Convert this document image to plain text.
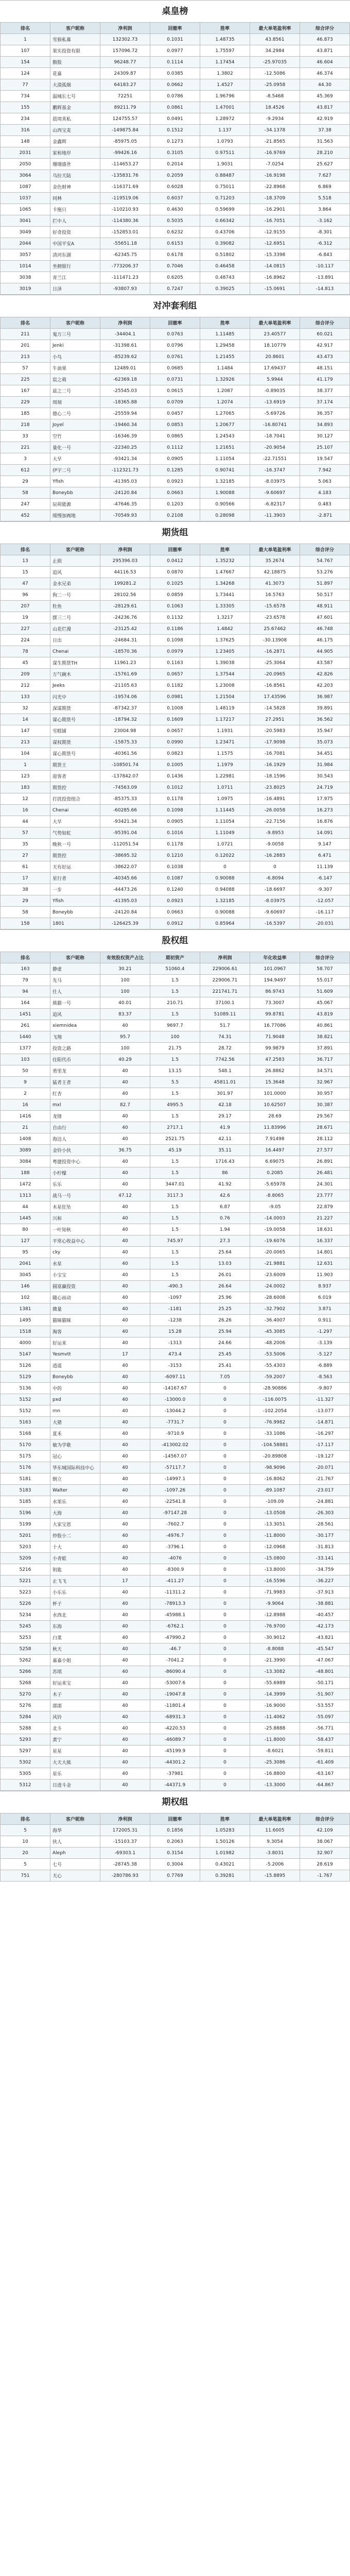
桌皇榜
排名	客户昵称	净利润	回撤率	胜率	最大单笔盈利率	综合评分
1	雪狼私募	132302.73	0.1031	1.48735	43.8561	46.873
107	果实投资有限	157096.72	0.0977	1.75597	34.2984	43.871
154	傲股	96248.77	0.1114	1.17454	-25.97035	46.604
124	花嘉	24309.87	0.0385	1.3802	-12.5086	46.374
77	大漠孤烟	64183.27	0.0662	1.4527	-25.0958	44.30
734	温城长七号	72251	0.0786	1.96796	-8.5468	45.369
155	鹏辉基金	89211.79	0.0861	1.47001	18.4526	43.817
234	晨周英私	124755.57	0.0491	1.28972	-9.2934	42.919
316	山西宝麦	-149875.84	0.1512	1.137	-34.1378	37.38
148	金鑫辉	-85975.05	0.1273	1.0793	-21.8565	31.563
2031	家和地岸	-99426.16	0.3105	0.97511	-16.9769	28.210
2050	珊瑚盛世	-114653.27	0.2014	1.9031	-7.0254	25.627
3064	乌拉天陆	-135831.76	0.2059	0.88487	-16.9198	7.627
1087	金色财神	-116371.69	0.6028	0.75011	-22.8968	6.869
1037	同林	-119519.06	0.6037	0.71203	-18.3709	5.518
1065	卡拖只	-110210.93	0.4630	0.59699	-16.2901	3.864
3041	拦中人	-114380.36	0.5035	0.66342	-16.7051	-3.162
3049	好奇投资	-152853.01	0.6232	0.43706	-12.9155	-8.301
2044	中国平安A	-55651.18	0.6153	0.39082	-12.6951	-6.312
3057	清河东湖	-62345.75	0.6178	0.51802	-15.3398	-6.843
1014	坐拥银行	-773206.37	0.7046	0.46458	-14.0815	-10.117
3038	青兰江	-111471.23	0.6205	0.48743	-16.8962	-13.891
3019	日泽	-93807.93	0.7247	0.39025	-15.0691	-14.813
对冲套利组
排名	客户昵称	净利润	回撤率	胜率	最大单笔盈利率	综合评分
211	鬼万三号	-34404.1	0.0763	1.11485	23.40577	60.021
201	Jenki	-31398.61	0.0796	1.29458	18.10779	42.917
213	小鸟	-85239.62	0.0761	1.21455	20.8601	43.473
57	牛油果	12489.01	0.0685	1.1484	17.69437	48.151
225	宸之萌	-62369.18	0.0731	1.32926	5.9944	41.179
167	兹之二号	-25545.03	0.0615	1.2087	-0.89035	38.377
229	周刻	-18365.88	0.0709	1.2074	-13.6919	37.174
185	德心二号	-25559.94	0.0457	1.27065	-5.69726	36.357
218	Joyel	-19460.34	0.0853	1.20677	-16.80741	34.893
33	空竹	-16346.39	0.0865	1.24543	-18.7041	30.127
221	量化一号	-22340.25	0.1112	1.21651	-20.9054	25.107
3	大旱	-93421.34	0.0905	1.11054	-22.71551	19.547
612	伊宇二号	-112321.73	0.1285	0.90741	-16.3747	7.942
29	Yfish	-41395.03	0.0923	1.32185	-8.03975	5.063
58	Boneybb	-24120.84	0.0663	1.90088	-9.60697	4.183
247	辰荷能源	-47646.35	0.1203	0.90566	-6.82317	0.483
452	缓慢加阀地	-70549.93	0.2108	0.28098	-11.3903	-2.871
期货组
排名	客户昵称	净利润	回撤率	胜率	最大单笔盈利率	综合评分
13	止损	295396.03	0.0412	1.35232	35.2674	54.767
15	追风	44116.53	0.0870	1.47667	42.18875	53.276
47	金水兄弟	199281.2	0.1025	1.34268	41.3073	51.897
96	狗二一号	28102.56	0.0859	1.73441	16.5763	50.517
207	牡鱼	-28129.61	0.1063	1.33305	-15.6578	48.911
19	摆三二号	-24236.76	0.1132	1.3217	-23.6578	47.601
227	山花烂漫	-23125.42	0.1186	1.4842	25.67462	46.748
224	日出	-24684.31	0.1098	1.37625	-30.13908	46.175
78	Chenai	-18570.36	0.0979	1.23405	-16.2871	44.905
45	谋生期货TH	11961.23	0.1163	1.39038	-25.3064	43.587
209	万气碗木	-15761.69	0.0657	1.37544	-20.0965	42.826
212	Jeeks	-21105.63	0.1182	1.23008	-16.8561	42.203
133	闪光中	-19574.06	0.0981	1.21504	17.43596	36.987
32	深谋期货	-87342.37	0.1008	1.48119	-14.5828	39.891
14	谋心期货号	-18794.32	0.1609	1.17217	27.2951	36.562
147	雪糕铺	23004.98	0.0657	1.1931	-20.5983	35.947
213	谋权期货	-15875.33	0.0990	1.23471	-17.9098	35.073
104	谋心期货号	-40361.56	0.0823	1.1575	-16.7081	34.451
1	期货王	-108501.74	0.1005	1.1979	-16.1929	31.984
123	迎客者	-137842.07	0.1436	1.22981	-18.1596	30.543
183	期货控	-74563.09	0.1012	1.0711	-23.8025	24.719
12	打扰投资组合	-85375.33	0.1178	1.0975	-16.4891	17.975
16	Chenai	-60285.66	0.1098	1.11445	-26.0058	16.273
44	大旱	-93421.34	0.0905	1.11054	-22.7156	16.876
57	气势如虹	-95391.04	0.1016	1.11049	-9.8953	14.091
35	晚秋一号	-112051.54	0.1178	1.0721	-9.0058	9.147
27	期货控	-38695.32	0.1210	0.12022	-16.2883	6.471
61	天有好运	-38622.07	0.1038	0	0	11.139
17	星行者	-40345.66	0.1087	0.90088	-6.8094	-6.147
38	一步	-44473.26	0.1240	0.94088	-18.6697	-9.307
29	Yfish	-41395.03	0.0923	1.32185	-8.03975	-12.057
58	Boneybb	-24120.84	0.0663	0.90088	-9.60697	-16.117
158	1801	-126425.39	0.0912	0.85964	-16.5397	-20.031
股权组
排名	客户昵称	有效股权资产占比	期初资产	净利润	年化收益率	综合评分
163	静虚	30.21	51060.4	229006.61	101.0967	58.707
79	先马	100	1.5	229006.71	194.9497	55.017
94	仕人	100	1.5	221741.71	86.9743	51.609
164	熊猫一号	40.01	210.71	37100.1	73.3007	45.067
1451	追风	83.37	1.5	51089.11	99.8781	43.819
261	xiemnidea	40	9697.7	51.7	16.77086	40.861
1440	飞翔	95.7	100	74.31	71.9048	38.821
1377	投资之路	100	21.75	28.72	99.9879	37.891
103	住阳代币	40.29	1.5	7742.56	47.2583	36.717
50	勇里龙	40	13.15	548.1	26.8862	34.571
9	猛者王者	40	5.5	45811.01	15.3648	32.967
2	红杏	40	1.5	301.97	101.0000	30.957
16	mxl	82.7	4995.5	42.18	10.62507	30.387
1416	龙锋	40	1.5	29.17	28.69	29.567
21	自由行	40	2717.1	41.9	11.83996	28.671
1408	海边人	40	2521.75	42.11	7.91498	28.112
3089	金铃小伙	36.75	45.19	35.11	16.4497	27.577
3084	粤捷投资中心	40	1.5	1716.43	6.69075	26.891
188	小柠檬	40	1.5	86	0.2085	26.481
1472	乐乐	40	3447.01	41.92	-5.65978	24.301
1313	战马一号	47.12	3117.3	42.6	-8.8065	23.777
44	木星狂坠	40	1.5	6.87	-9.05	22.879
1445	兴和	40	1.5	0.76	-14.0003	21.227
80	一叶知秋	40	1.5	1.94	-19.0058	18.631
127	平常心收益中心	40	745.97	27.3	-19.6076	16.337
95	cky	40	1.5	25.64	-20.0065	14.801
2041	水星	40	1.5	13.03	-21.9881	12.631
3045	小宝宝	40	1.5	26.01	-23.6009	11.903
146	圆富赢投资	40	-490.3	26.64	-24.0002	8.937
102	随心而动	40	-1097	25.96	-28.6008	6.019
1381	微量	40	-1181	25.25	-32.7902	3.871
1495	猫咪猫咪	40	-1238	26.26	-36.4007	0.911
1518	淘客	40	15.28	25.94	-45.3085	-1.297
4000	好运来	40	-1313	24.66	-48.2006	-3.139
5147	Yesmvtt	17	473.4	25.45	-53.5006	-5.127
5126	逍遥	40	-3153	25.41	-55.4303	-6.889
5129	Boneybb	40	-6097.11	7.05	-59.2007	-8.563
5136	中的	40	-14167.67	0	-28.90886	-9.807
5152	pxd	40	-13000.0	0	-116.0075	-11.327
5152	rnn	40	-13044.2	0	-102.2054	-13.077
5163	大猪	40	-7731.7	0	-76.9982	-14.871
5168	夏禾	40	-9710.9	0	-33.1086	-16.297
5170	敏为学歌	40	-413002.02	0	-104.58881	-17.117
5175	冠心	40	-14567.07	0	-20.89808	-19.127
5176	华东城国际科技中心	40	-57117.7	0	-98.9096	-20.071
5181	倒立	40	-14997.1	0	-16.8062	-21.767
5183	Walter	40	-1097.26	0	-89.1087	-23.017
5185	水果乐	40	-22541.8	0	-109.09	-24.881
5196	大海	40	-97147.28	0	-13.0508	-26.303
5199	大家宝恩	40	-7602.7	0	-13.3051	-28.561
5201	炒股小二	40	-4976.7	0	-11.8000	-30.177
5203	十大	40	-3796.1	0	-12.0968	-31.813
5209	小青蛙	40	-4076	0	-15.0800	-33.141
5216	钥匙	40	-8300.9	0	-13.8000	-34.759
5221	止飞飞	17	-411.27	0	-16.5596	-36.227
5223	小乐乐	40	-11311.2	0	-71.9983	-37.913
5226	杯子	40	-78913.3	0	-9.9064	-38.881
5234	水西北	40	-45988.1	0	-12.8988	-40.457
5245	东海	40	-6762.1	0	-76.9700	-42.173
5253	白菜	40	-47990.2	0	-30.9012	-43.821
5258	秋天	40	-46.7	0	-8.8088	-45.547
5262	嘉嘉小姐	40	-7041.2	0	-21.3990	-47.067
5266	苏琪	40	-86090.4	0	-13.3082	-48.801
5268	好运来宝	40	-53007.6	0	-55.6989	-50.171
5270	木子	40	-19047.8	0	-14.3999	-51.907
5276	邵邵	40	-11801.4	0	-16.9000	-53.557
5284	风铃	40	-68931.3	0	-11.4062	-55.097
5288	北斗	40	-4220.53	0	-25.8888	-56.771
5293	黄宁	40	-46089.7	0	-11.8000	-58.437
5297	星星	40	-45199.9	0	-8.6021	-59.811
5302	大天大熊	40	-44301.2	0	-25.3086	-61.409
5305	星乐	40	-37981	0	-16.8800	-63.167
5312	日进斗金	40	-44371.9	0	-13.3000	-64.867
期权组
排名	客户昵称	净利润	回撤率	胜率	最大单笔盈利率	综合评分
5	海华	172005.31	0.1856	1.05283	11.6005	42.109
10	伙人	-15103.37	0.2063	1.50126	9.3054	38.067
20	Aleph	-69303.1	0.3154	1.01982	-3.8031	32.907
5	七号	-28745.38	0.3004	0.43021	-5.2006	28.619
751	天心	-280786.93	0.7769	0.39281	-15.8895	-1.767
